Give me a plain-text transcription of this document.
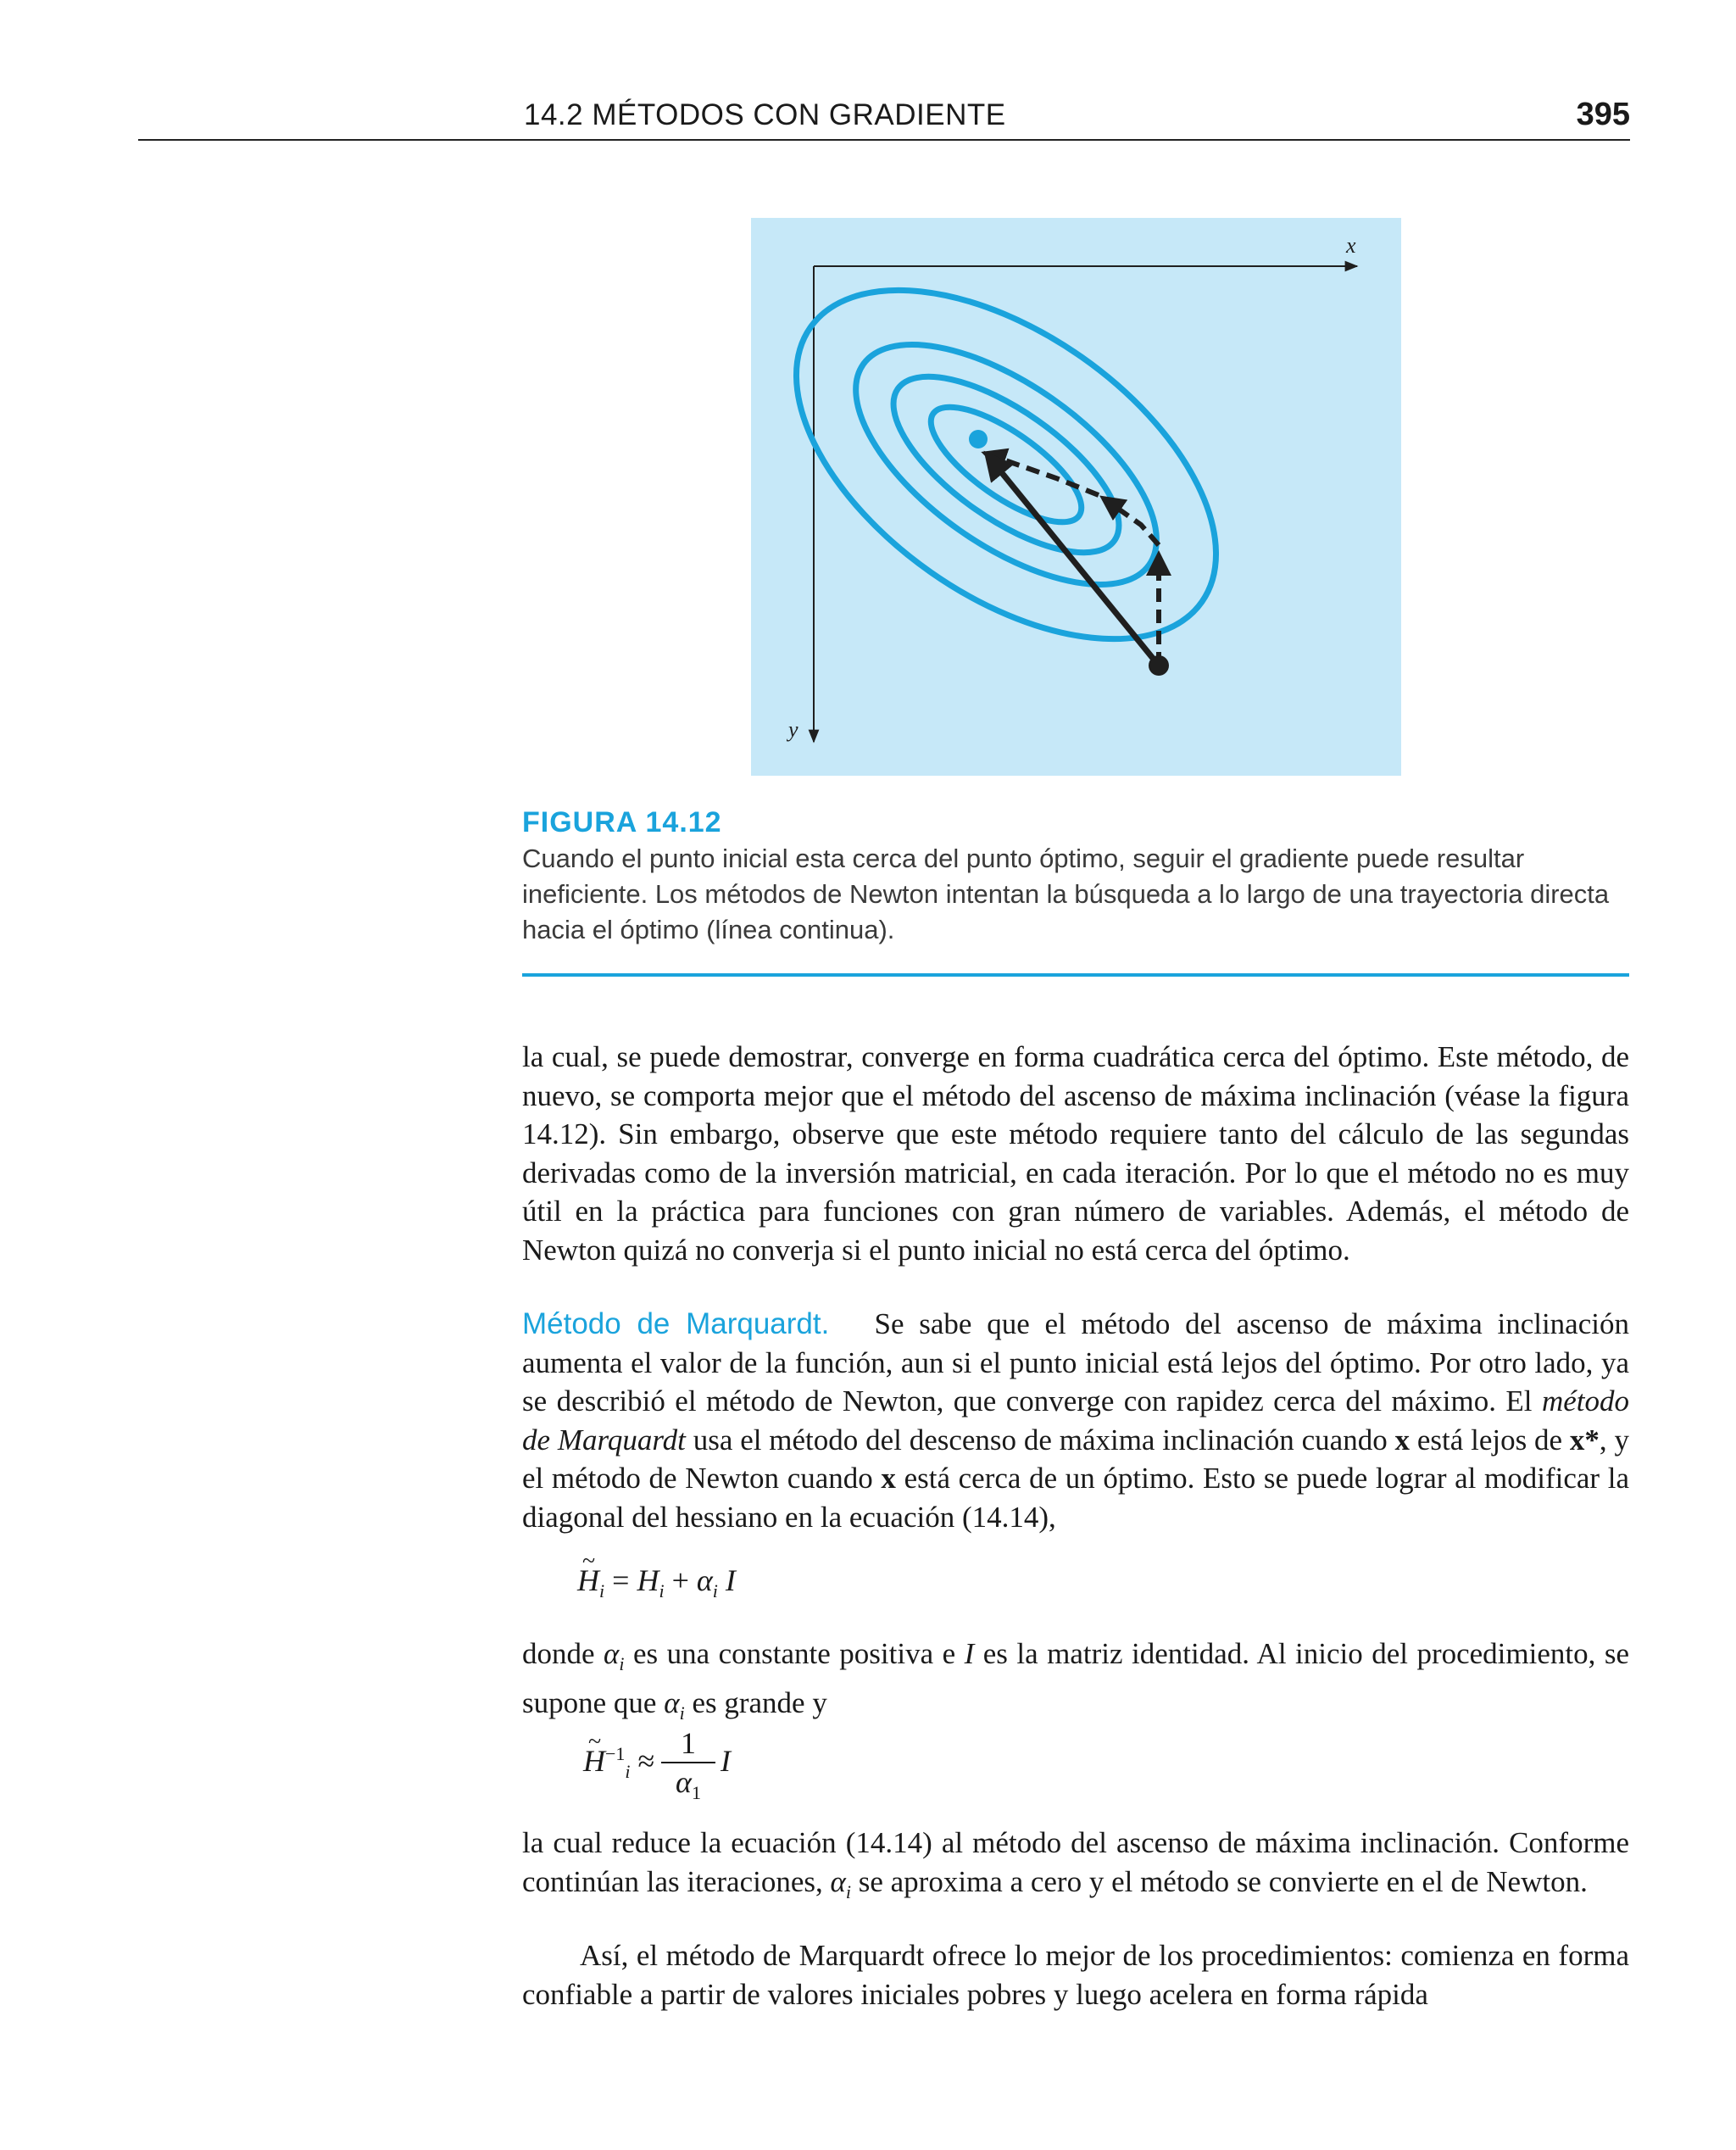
14.2 MÉTODOS CON GRADIENTE	395
x
y
FIGURA 14.12
Cuando el punto inicial esta cerca del punto óptimo, seguir el gradiente puede resultar ineficiente. Los métodos de Newton intentan la búsqueda a lo largo de una trayectoria directa hacia el óptimo (línea continua).
la cual, se puede demostrar, converge en forma cuadrática cerca del óptimo. Este método, de nuevo, se comporta mejor que el método del ascenso de máxima inclinación (véase la figura 14.12). Sin embargo, observe que este método requiere tanto del cálculo de las segundas derivadas como de la inversión matricial, en cada iteración. Por lo que el método no es muy útil en la práctica para funciones con gran número de variables. Además, el método de Newton quizá no converja si el punto inicial no está cerca del óptimo.
Método de Marquardt. Se sabe que el método del ascenso de máxima inclinación aumenta el valor de la función, aun si el punto inicial está lejos del óptimo. Por otro lado, ya se describió el método de Newton, que converge con rapidez cerca del máximo. El método de Marquardt usa el método del descenso de máxima inclinación cuando x está lejos de x*, y el método de Newton cuando x está cerca de un óptimo. Esto se puede lograr al modificar la diagonal del hessiano en la ecuación (14.14),
~ $H_i = H_i + \alpha_i$ I
donde $\alpha_i$ es una constante positiva e I es la matriz identidad. Al inicio del procedimiento, se supone que $\alpha_i$ es grande y
~ $H^{-1}_i$ ≈
1
$\alpha_1$
I
la cual reduce la ecuación (14.14) al método del ascenso de máxima inclinación. Conforme continúan las iteraciones, $\alpha_i$ se aproxima a cero y el método se convierte en el de Newton.
Así, el método de Marquardt ofrece lo mejor de los procedimientos: comienza en forma confiable a partir de valores iniciales pobres y luego acelera en forma rápida
